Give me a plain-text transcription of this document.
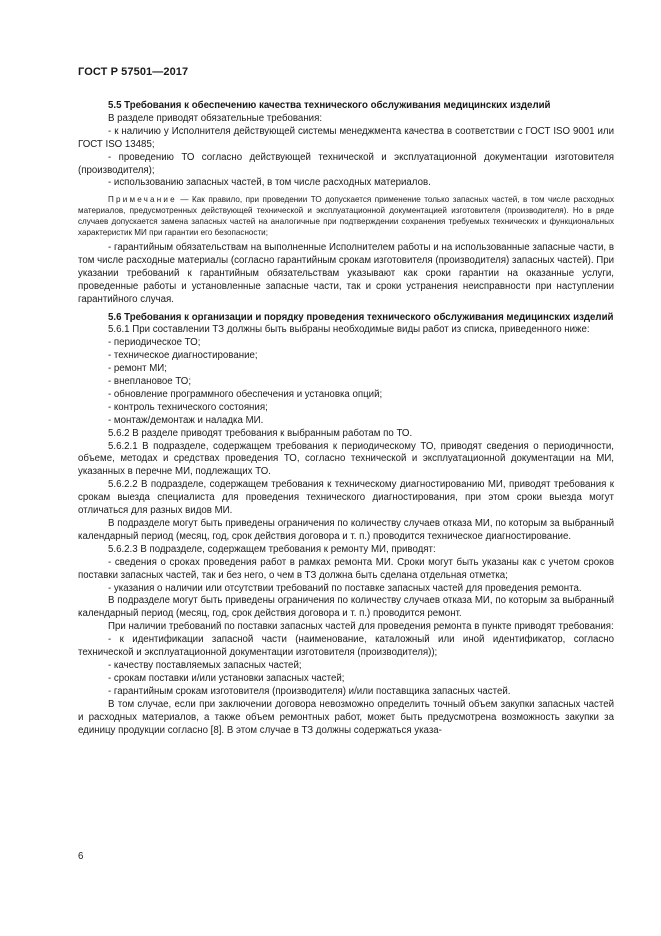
ГОСТ Р 57501—2017

5.5 Требования к обеспечению качества технического обслуживания медицинских изделий

В разделе приводят обязательные требования:

- к наличию у Исполнителя действующей системы менеджмента качества в соответствии с ГОСТ ISO 9001 или ГОСТ ISO 13485;

- проведению ТО согласно действующей технической и эксплуатационной документации изготовителя (производителя);

- использованию запасных частей, в том числе расходных материалов.

Примечание — Как правило, при проведении ТО допускается применение только запасных частей, в том числе расходных материалов, предусмотренных действующей технической и эксплуатационной документацией изготовителя (производителя). Но в ряде случаев допускается замена запасных частей на аналогичные при подтверждении сохранения требуемых технических и функциональных характеристик МИ при гарантии его безопасности;

- гарантийным обязательствам на выполненные Исполнителем работы и на использованные запасные части, в том числе расходные материалы (согласно гарантийным срокам изготовителя (производителя) запасных частей). При указании требований к гарантийным обязательствам указывают как сроки гарантии на оказанные услуги, проведенные работы и установленные запасные части, так и сроки устранения неисправности при наступлении гарантийного случая.

5.6 Требования к организации и порядку проведения технического обслуживания медицинских изделий

5.6.1 При составлении ТЗ должны быть выбраны необходимые виды работ из списка, приведенного ниже:

- периодическое ТО;

- техническое диагностирование;

- ремонт МИ;

- внеплановое ТО;

- обновление программного обеспечения и установка опций;

- контроль технического состояния;

- монтаж/демонтаж и наладка МИ.

5.6.2 В разделе приводят требования к выбранным работам по ТО.

5.6.2.1 В подразделе, содержащем требования к периодическому ТО, приводят сведения о периодичности, объеме, методах и средствах проведения ТО, согласно технической и эксплуатационной документации на МИ, указанных в перечне МИ, подлежащих ТО.

5.6.2.2 В подразделе, содержащем требования к техническому диагностированию МИ, приводят требования к срокам выезда специалиста для проведения технического диагностирования, при этом сроки выезда могут отличаться для разных видов МИ.

В подразделе могут быть приведены ограничения по количеству случаев отказа МИ, по которым за выбранный календарный период (месяц, год, срок действия договора и т. п.) проводится техническое диагностирование.

5.6.2.3 В подразделе, содержащем требования к ремонту МИ, приводят:

- сведения о сроках проведения работ в рамках ремонта МИ. Сроки могут быть указаны как с учетом сроков поставки запасных частей, так и без него, о чем в ТЗ должна быть сделана отдельная отметка;

- указания о наличии или отсутствии требований по поставке запасных частей для проведения ремонта.

В подразделе могут быть приведены ограничения по количеству случаев отказа МИ, по которым за выбранный календарный период (месяц, год, срок действия договора и т. п.) проводится ремонт.

При наличии требований по поставки запасных частей для проведения ремонта в пункте приводят требования:

- к идентификации запасной части (наименование, каталожный или иной идентификатор, согласно технической и эксплуатационной документации изготовителя (производителя));

- качеству поставляемых запасных частей;

- срокам поставки и/или установки запасных частей;

- гарантийным срокам изготовителя (производителя) и/или поставщика запасных частей.

В том случае, если при заключении договора невозможно определить точный объем закупки запасных частей и расходных материалов, а также объем ремонтных работ, может быть предусмотрена возможность закупки за единицу продукции согласно [8]. В этом случае в ТЗ должны содержаться указа-

6
